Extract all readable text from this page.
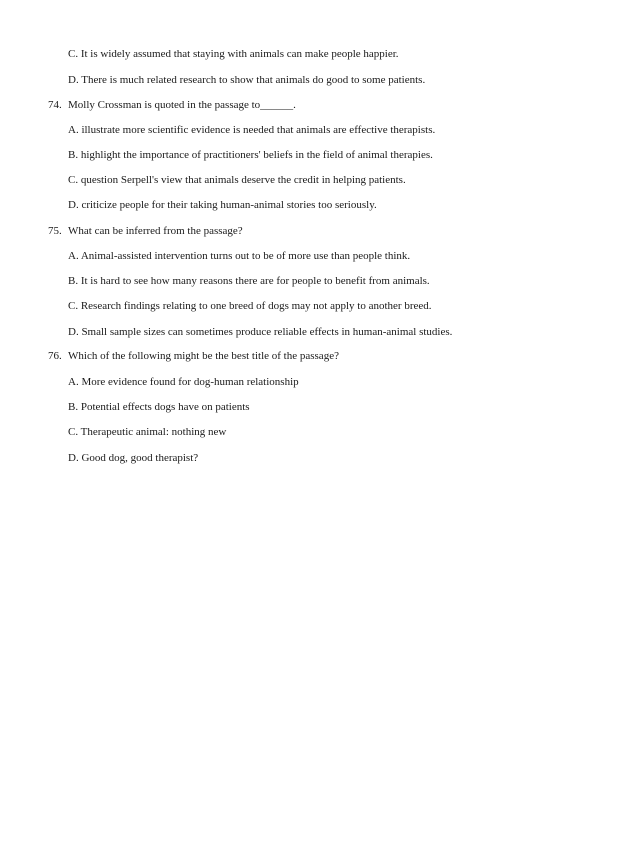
C. It is widely assumed that staying with animals can make people happier.
D. There is much related research to show that animals do good to some patients.
74. Molly Crossman is quoted in the passage to______.
A. illustrate more scientific evidence is needed that animals are effective therapists.
B. highlight the importance of practitioners' beliefs in the field of animal therapies.
C. question Serpell's view that animals deserve the credit in helping patients.
D. criticize people for their taking human-animal stories too seriously.
75. What can be inferred from the passage?
A. Animal-assisted intervention turns out to be of more use than people think.
B. It is hard to see how many reasons there are for people to benefit from animals.
C. Research findings relating to one breed of dogs may not apply to another breed.
D. Small sample sizes can sometimes produce reliable effects in human-animal studies.
76. Which of the following might be the best title of the passage?
A. More evidence found for dog-human relationship
B. Potential effects dogs have on patients
C. Therapeutic animal: nothing new
D. Good dog, good therapist?
